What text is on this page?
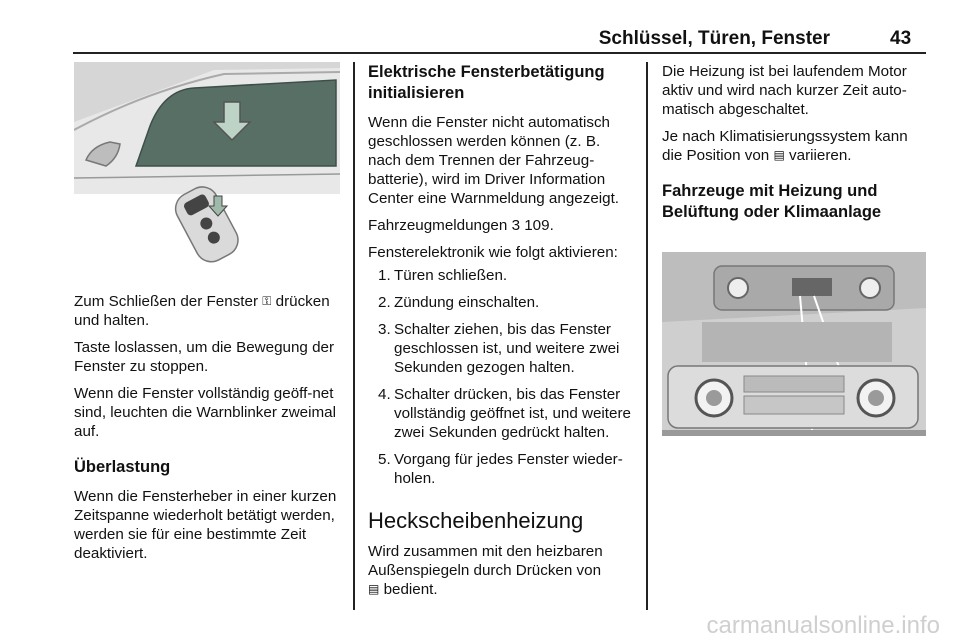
Schlüssel, Türen, Fenster	43

Zum Schließen der Fenster ⚿ drücken und halten.

Taste loslassen, um die Bewegung der Fenster zu stoppen.

Wenn die Fenster vollständig geöff-net sind, leuchten die Warnblinker zweimal auf.

Überlastung

Wenn die Fensterheber in einer kurzen Zeitspanne wiederholt betätigt werden, werden sie für eine bestimmte Zeit deaktiviert.

Elektrische Fensterbetätigung initialisieren

Wenn die Fenster nicht automatisch geschlossen werden können (z. B. nach dem Trennen der Fahrzeug-batterie), wird im Driver Information Center eine Warnmeldung angezeigt.

Fahrzeugmeldungen 3 109.

Fensterelektronik wie folgt aktivieren:

1. Türen schließen.
2. Zündung einschalten.
3. Schalter ziehen, bis das Fenster geschlossen ist, und weitere zwei Sekunden gezogen halten.
4. Schalter drücken, bis das Fenster vollständig geöffnet ist, und weitere zwei Sekunden gedrückt halten.
5. Vorgang für jedes Fenster wieder-holen.
Heckscheibenheizung

Wird zusammen mit den heizbaren Außenspiegeln durch Drücken von
▤ bedient.

Die Heizung ist bei laufendem Motor aktiv und wird nach kurzer Zeit auto-matisch abgeschaltet.

Je nach Klimatisierungssystem kann die Position von ▤ variieren.

Fahrzeuge mit Heizung und Belüftung oder Klimaanlage
carmanualsonline.info
